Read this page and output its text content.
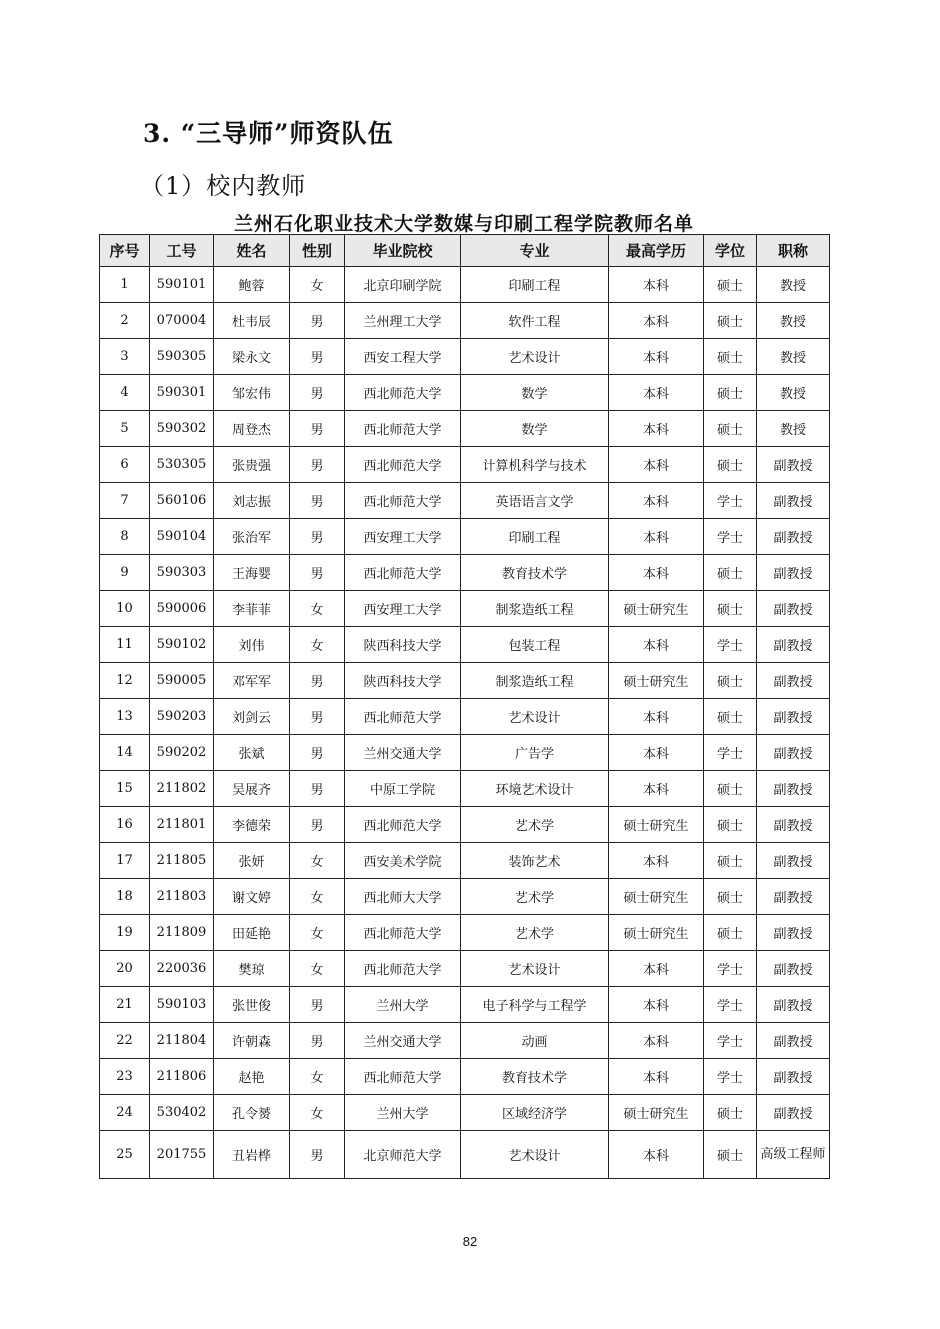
3. “三导师”师资队伍
（1）校内教师
兰州石化职业技术大学数媒与印刷工程学院教师名单
序号	工号	姓名	性别	毕业院校	专业	最高学历	学位	职称
1	590101	鲍蓉	女	北京印刷学院	印刷工程	本科	硕士	教授
2	070004	杜韦辰	男	兰州理工大学	软件工程	本科	硕士	教授
3	590305	梁永文	男	西安工程大学	艺术设计	本科	硕士	教授
4	590301	邹宏伟	男	西北师范大学	数学	本科	硕士	教授
5	590302	周登杰	男	西北师范大学	数学	本科	硕士	教授
6	530305	张贵强	男	西北师范大学	计算机科学与技术	本科	硕士	副教授
7	560106	刘志振	男	西北师范大学	英语语言文学	本科	学士	副教授
8	590104	张治军	男	西安理工大学	印刷工程	本科	学士	副教授
9	590303	王海婴	男	西北师范大学	教育技术学	本科	硕士	副教授
10	590006	李菲菲	女	西安理工大学	制浆造纸工程	硕士研究生	硕士	副教授
11	590102	刘伟	女	陕西科技大学	包装工程	本科	学士	副教授
12	590005	邓军军	男	陕西科技大学	制浆造纸工程	硕士研究生	硕士	副教授
13	590203	刘剑云	男	西北师范大学	艺术设计	本科	硕士	副教授
14	590202	张斌	男	兰州交通大学	广告学	本科	学士	副教授
15	211802	吴展齐	男	中原工学院	环境艺术设计	本科	硕士	副教授
16	211801	李德荣	男	西北师范大学	艺术学	硕士研究生	硕士	副教授
17	211805	张妍	女	西安美术学院	装饰艺术	本科	硕士	副教授
18	211803	谢文婷	女	西北师大大学	艺术学	硕士研究生	硕士	副教授
19	211809	田延艳	女	西北师范大学	艺术学	硕士研究生	硕士	副教授
20	220036	樊琼	女	西北师范大学	艺术设计	本科	学士	副教授
21	590103	张世俊	男	兰州大学	电子科学与工程学	本科	学士	副教授
22	211804	许朝森	男	兰州交通大学	动画	本科	学士	副教授
23	211806	赵艳	女	西北师范大学	教育技术学	本科	学士	副教授
24	530402	孔令赟	女	兰州大学	区域经济学	硕士研究生	硕士	副教授
25	201755	丑岩桦	男	北京师范大学	艺术设计	本科	硕士	高级工程师
82
